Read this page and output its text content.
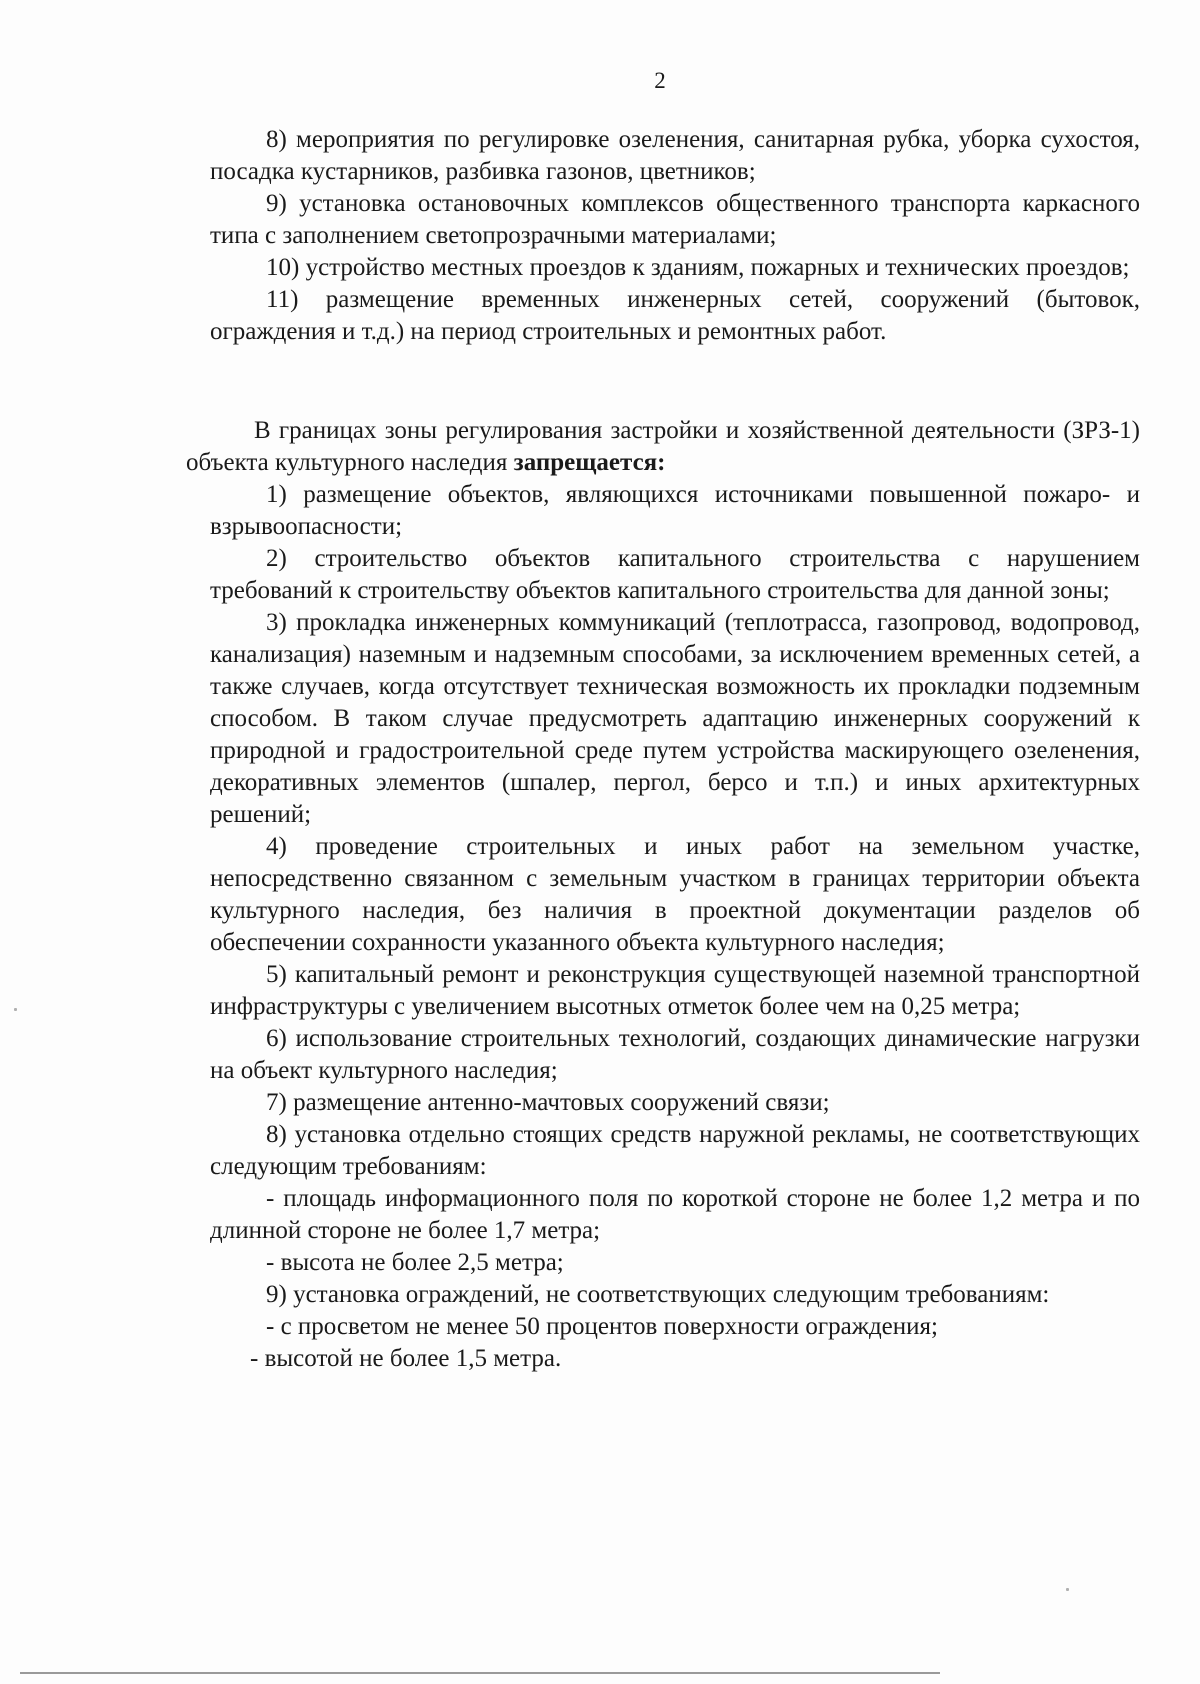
2

8) мероприятия по регулировке озеленения, санитарная рубка, уборка сухостоя, посадка кустарников, разбивка газонов, цветников;

9) установка остановочных комплексов общественного транспорта каркасного типа с заполнением светопрозрачными материалами;

10) устройство местных проездов к зданиям, пожарных и технических проездов;

11) размещение временных инженерных сетей, сооружений (бытовок, ограждения и т.д.) на период строительных и ремонтных работ.

В границах зоны регулирования застройки и хозяйственной деятельности (ЗРЗ-1) объекта культурного наследия запрещается:

1) размещение объектов, являющихся источниками повышенной пожаро- и взрывоопасности;

2) строительство объектов капитального строительства с нарушением требований к строительству объектов капитального строительства для данной зоны;

3) прокладка инженерных коммуникаций (теплотрасса, газопровод, водопровод, канализация) наземным и надземным способами, за исключением временных сетей, а также случаев, когда отсутствует техническая возможность их прокладки подземным способом. В таком случае предусмотреть адаптацию инженерных сооружений к природной и градостроительной среде путем устройства маскирующего озеленения, декоративных элементов (шпалер, пергол, берсо и т.п.) и иных архитектурных решений;

4) проведение строительных и иных работ на земельном участке, непосредственно связанном с земельным участком в границах территории объекта культурного наследия, без наличия в проектной документации разделов об обеспечении сохранности указанного объекта культурного наследия;

5) капитальный ремонт и реконструкция существующей наземной транспортной инфраструктуры с увеличением высотных отметок более чем на 0,25 метра;

6) использование строительных технологий, создающих динамические нагрузки на объект культурного наследия;

7) размещение антенно-мачтовых сооружений связи;

8) установка отдельно стоящих средств наружной рекламы, не соответствующих следующим требованиям:

- площадь информационного поля по короткой стороне не более 1,2 метра и по длинной стороне не более 1,7 метра;

- высота не более 2,5 метра;

9) установка ограждений, не соответствующих следующим требованиям:

- с просветом не менее 50 процентов поверхности ограждения;

- высотой не более 1,5 метра.
